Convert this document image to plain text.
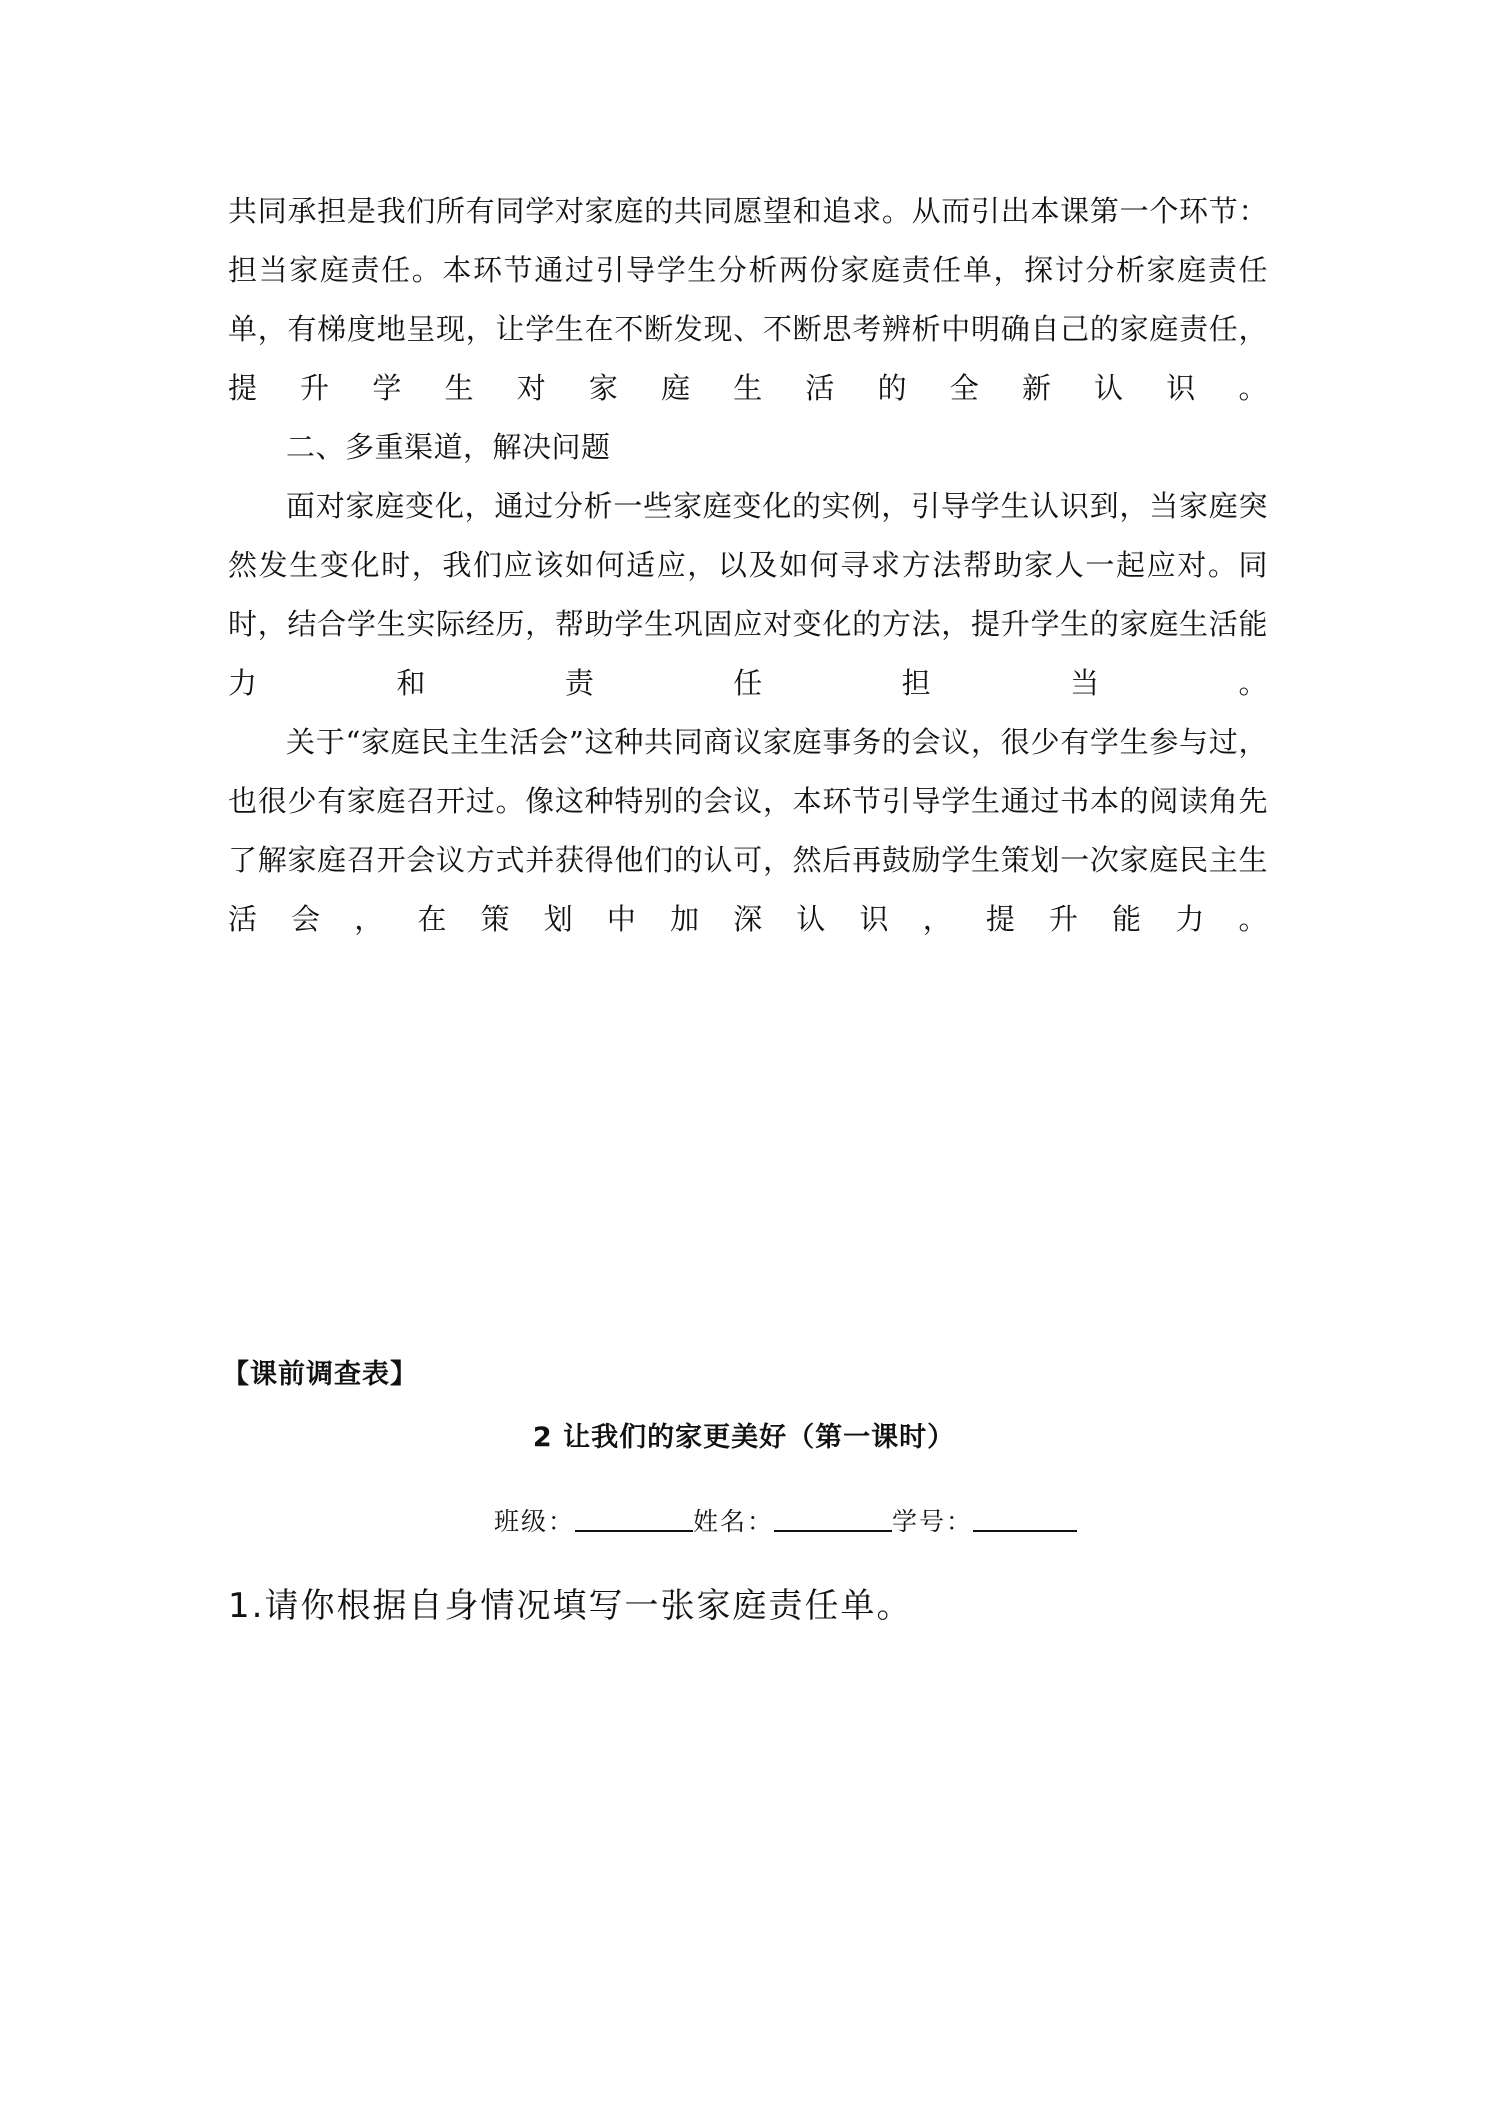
共同承担是我们所有同学对家庭的共同愿望和追求。从而引出本课第一个环节：担当家庭责任。本环节通过引导学生分析两份家庭责任单，探讨分析家庭责任单，有梯度地呈现，让学生在不断发现、不断思考辨析中明确自己的家庭责任，提升学生对家庭生活的全新认识。
二、多重渠道，解决问题
面对家庭变化，通过分析一些家庭变化的实例，引导学生认识到，当家庭突然发生变化时，我们应该如何适应，以及如何寻求方法帮助家人一起应对。同时，结合学生实际经历，帮助学生巩固应对变化的方法，提升学生的家庭生活能力和责任担当。
关于“家庭民主生活会”这种共同商议家庭事务的会议，很少有学生参与过，也很少有家庭召开过。像这种特别的会议，本环节引导学生通过书本的阅读角先了解家庭召开会议方式并获得他们的认可，然后再鼓励学生策划一次家庭民主生活会，在策划中加深认识，提升能力。
【课前调查表】
2 让我们的家更美好（第一课时）
班级：	姓名：	学号：
1.请你根据自身情况填写一张家庭责任单。
